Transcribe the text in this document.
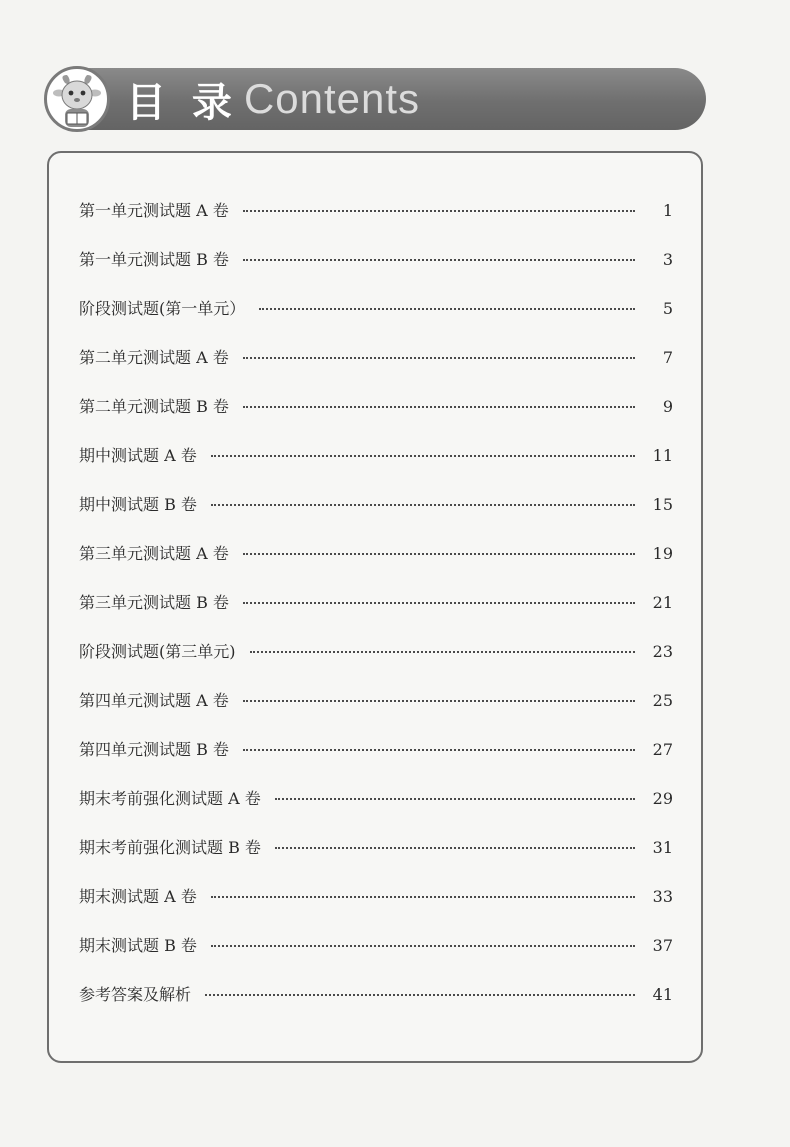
目 录 Contents
第一单元测试题 A 卷	1
第一单元测试题 B 卷	3
阶段测试题(第一单元）	5
第二单元测试题 A 卷	7
第二单元测试题 B 卷	9
期中测试题 A 卷	11
期中测试题 B 卷	15
第三单元测试题 A 卷	19
第三单元测试题 B 卷	21
阶段测试题(第三单元)	23
第四单元测试题 A 卷	25
第四单元测试题 B 卷	27
期末考前强化测试题 A 卷	29
期末考前强化测试题 B 卷	31
期末测试题 A 卷	33
期末测试题 B 卷	37
参考答案及解析	41
